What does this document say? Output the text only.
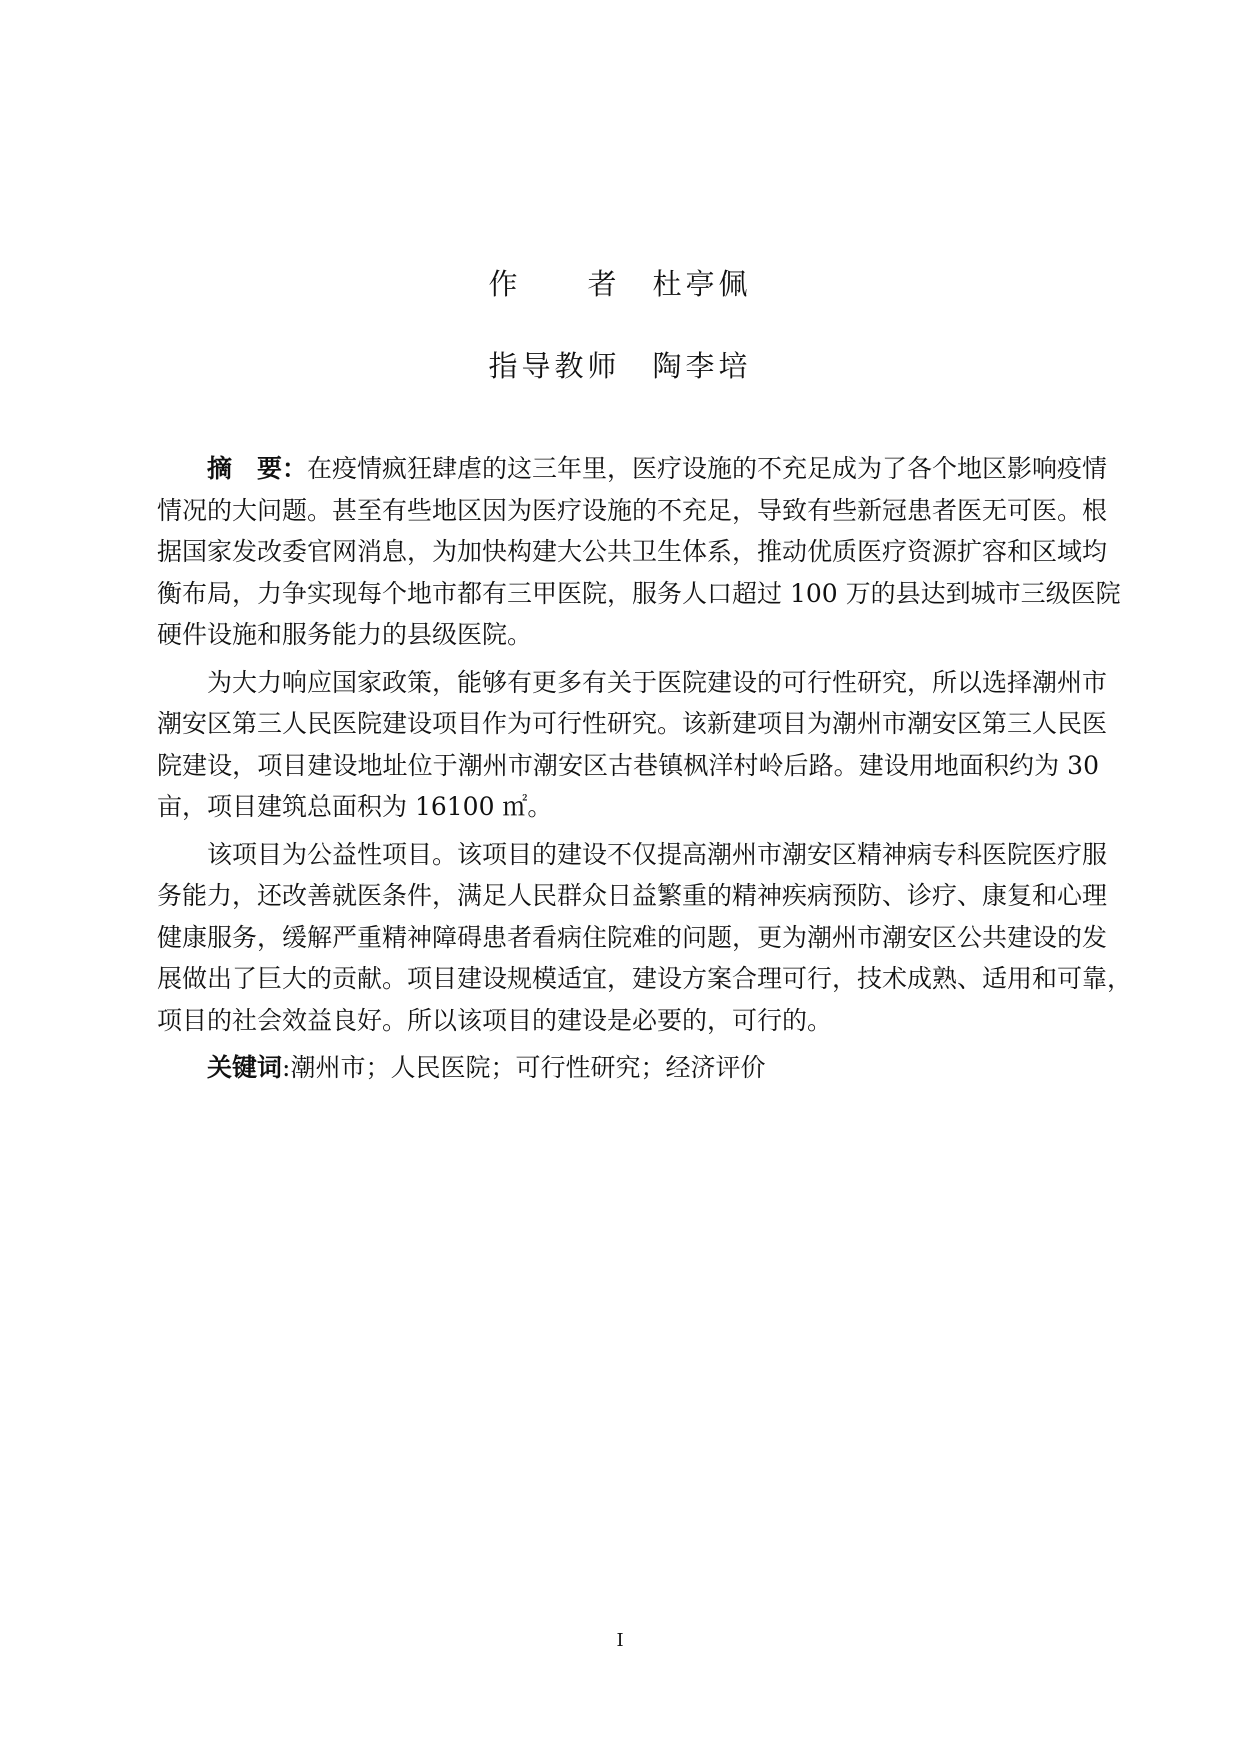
作　　者 杜亭佩
指导教师 陶李培
摘　要：在疫情疯狂肆虐的这三年里，医疗设施的不充足成为了各个地区影响疫情
情况的大问题。甚至有些地区因为医疗设施的不充足，导致有些新冠患者医无可医。根
据国家发改委官网消息，为加快构建大公共卫生体系，推动优质医疗资源扩容和区域均
衡布局，力争实现每个地市都有三甲医院，服务人口超过 100 万的县达到城市三级医院
硬件设施和服务能力的县级医院。
为大力响应国家政策，能够有更多有关于医院建设的可行性研究，所以选择潮州市
潮安区第三人民医院建设项目作为可行性研究。该新建项目为潮州市潮安区第三人民医
院建设，项目建设地址位于潮州市潮安区古巷镇枫洋村岭后路。建设用地面积约为 30
亩，项目建筑总面积为 16100 ㎡。
该项目为公益性项目。该项目的建设不仅提高潮州市潮安区精神病专科医院医疗服
务能力，还改善就医条件，满足人民群众日益繁重的精神疾病预防、诊疗、康复和心理
健康服务，缓解严重精神障碍患者看病住院难的问题，更为潮州市潮安区公共建设的发
展做出了巨大的贡献。项目建设规模适宜，建设方案合理可行，技术成熟、适用和可靠，
项目的社会效益良好。所以该项目的建设是必要的，可行的。
关键词:潮州市；人民医院；可行性研究；经济评价
I
